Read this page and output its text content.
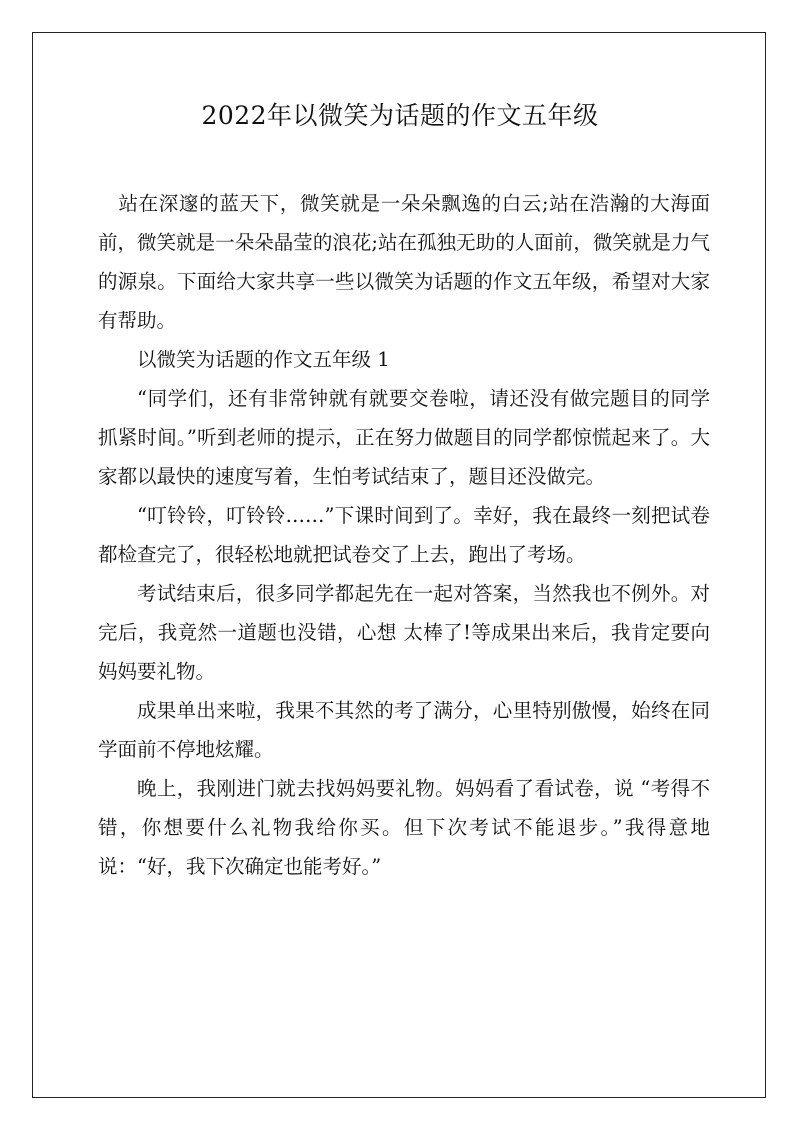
2022年以微笑为话题的作文五年级

站在深邃的蓝天下，微笑就是一朵朵飘逸的白云;站在浩瀚的大海面前，微笑就是一朵朵晶莹的浪花;站在孤独无助的人面前，微笑就是力气的源泉。下面给大家共享一些以微笑为话题的作文五年级，希望对大家有帮助。

以微笑为话题的作文五年级 1

“同学们，还有非常钟就有就要交卷啦，请还没有做完题目的同学抓紧时间。”听到老师的提示，正在努力做题目的同学都惊慌起来了。大家都以最快的速度写着，生怕考试结束了，题目还没做完。

“叮铃铃，叮铃铃……”下课时间到了。幸好，我在最终一刻把试卷都检查完了，很轻松地就把试卷交了上去，跑出了考场。

考试结束后，很多同学都起先在一起对答案，当然我也不例外。对完后，我竟然一道题也没错，心想 太棒了!等成果出来后，我肯定要向妈妈要礼物。

成果单出来啦，我果不其然的考了满分，心里特别傲慢，始终在同学面前不停地炫耀。

晚上，我刚进门就去找妈妈要礼物。妈妈看了看试卷，说 “考得不错，你想要什么礼物我给你买。但下次考试不能退步。”我得意地说：“好，我下次确定也能考好。”
